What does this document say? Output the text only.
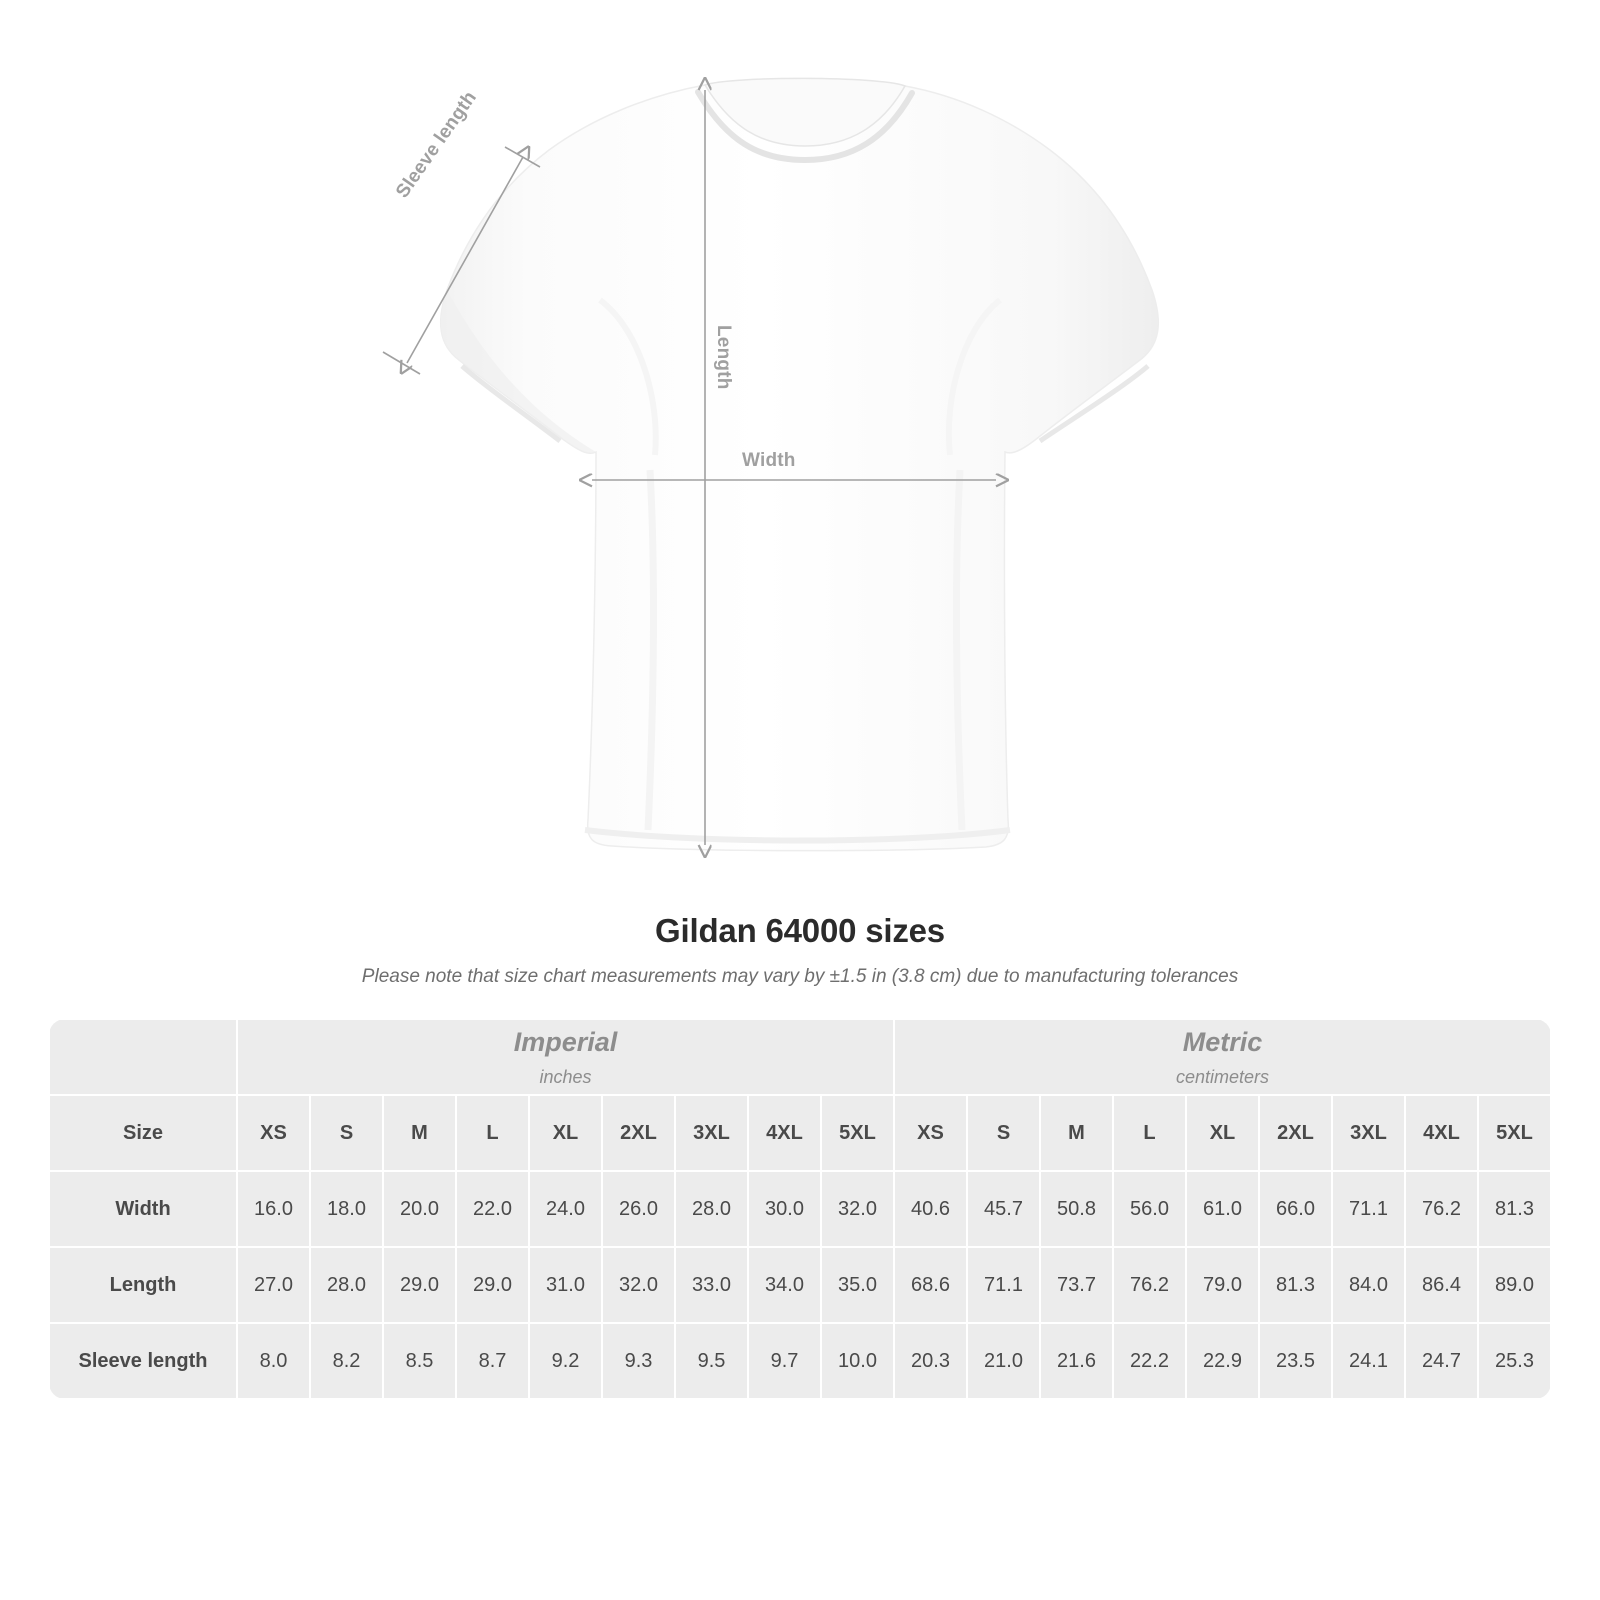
Width
Length
Sleeve length
Gildan 64000 sizes
Please note that size chart measurements may vary by ±1.5 in (3.8 cm) due to manufacturing tolerances

Imperial
inches

Metric
centimeters

Size	XS	S	M	L	XL	2XL	3XL	4XL	5XL	XS	S	M	L	XL	2XL	3XL	4XL	5XL
Width	16.0	18.0	20.0	22.0	24.0	26.0	28.0	30.0	32.0	40.6	45.7	50.8	56.0	61.0	66.0	71.1	76.2	81.3
Length	27.0	28.0	29.0	29.0	31.0	32.0	33.0	34.0	35.0	68.6	71.1	73.7	76.2	79.0	81.3	84.0	86.4	89.0
Sleeve length	8.0	8.2	8.5	8.7	9.2	9.3	9.5	9.7	10.0	20.3	21.0	21.6	22.2	22.9	23.5	24.1	24.7	25.3
